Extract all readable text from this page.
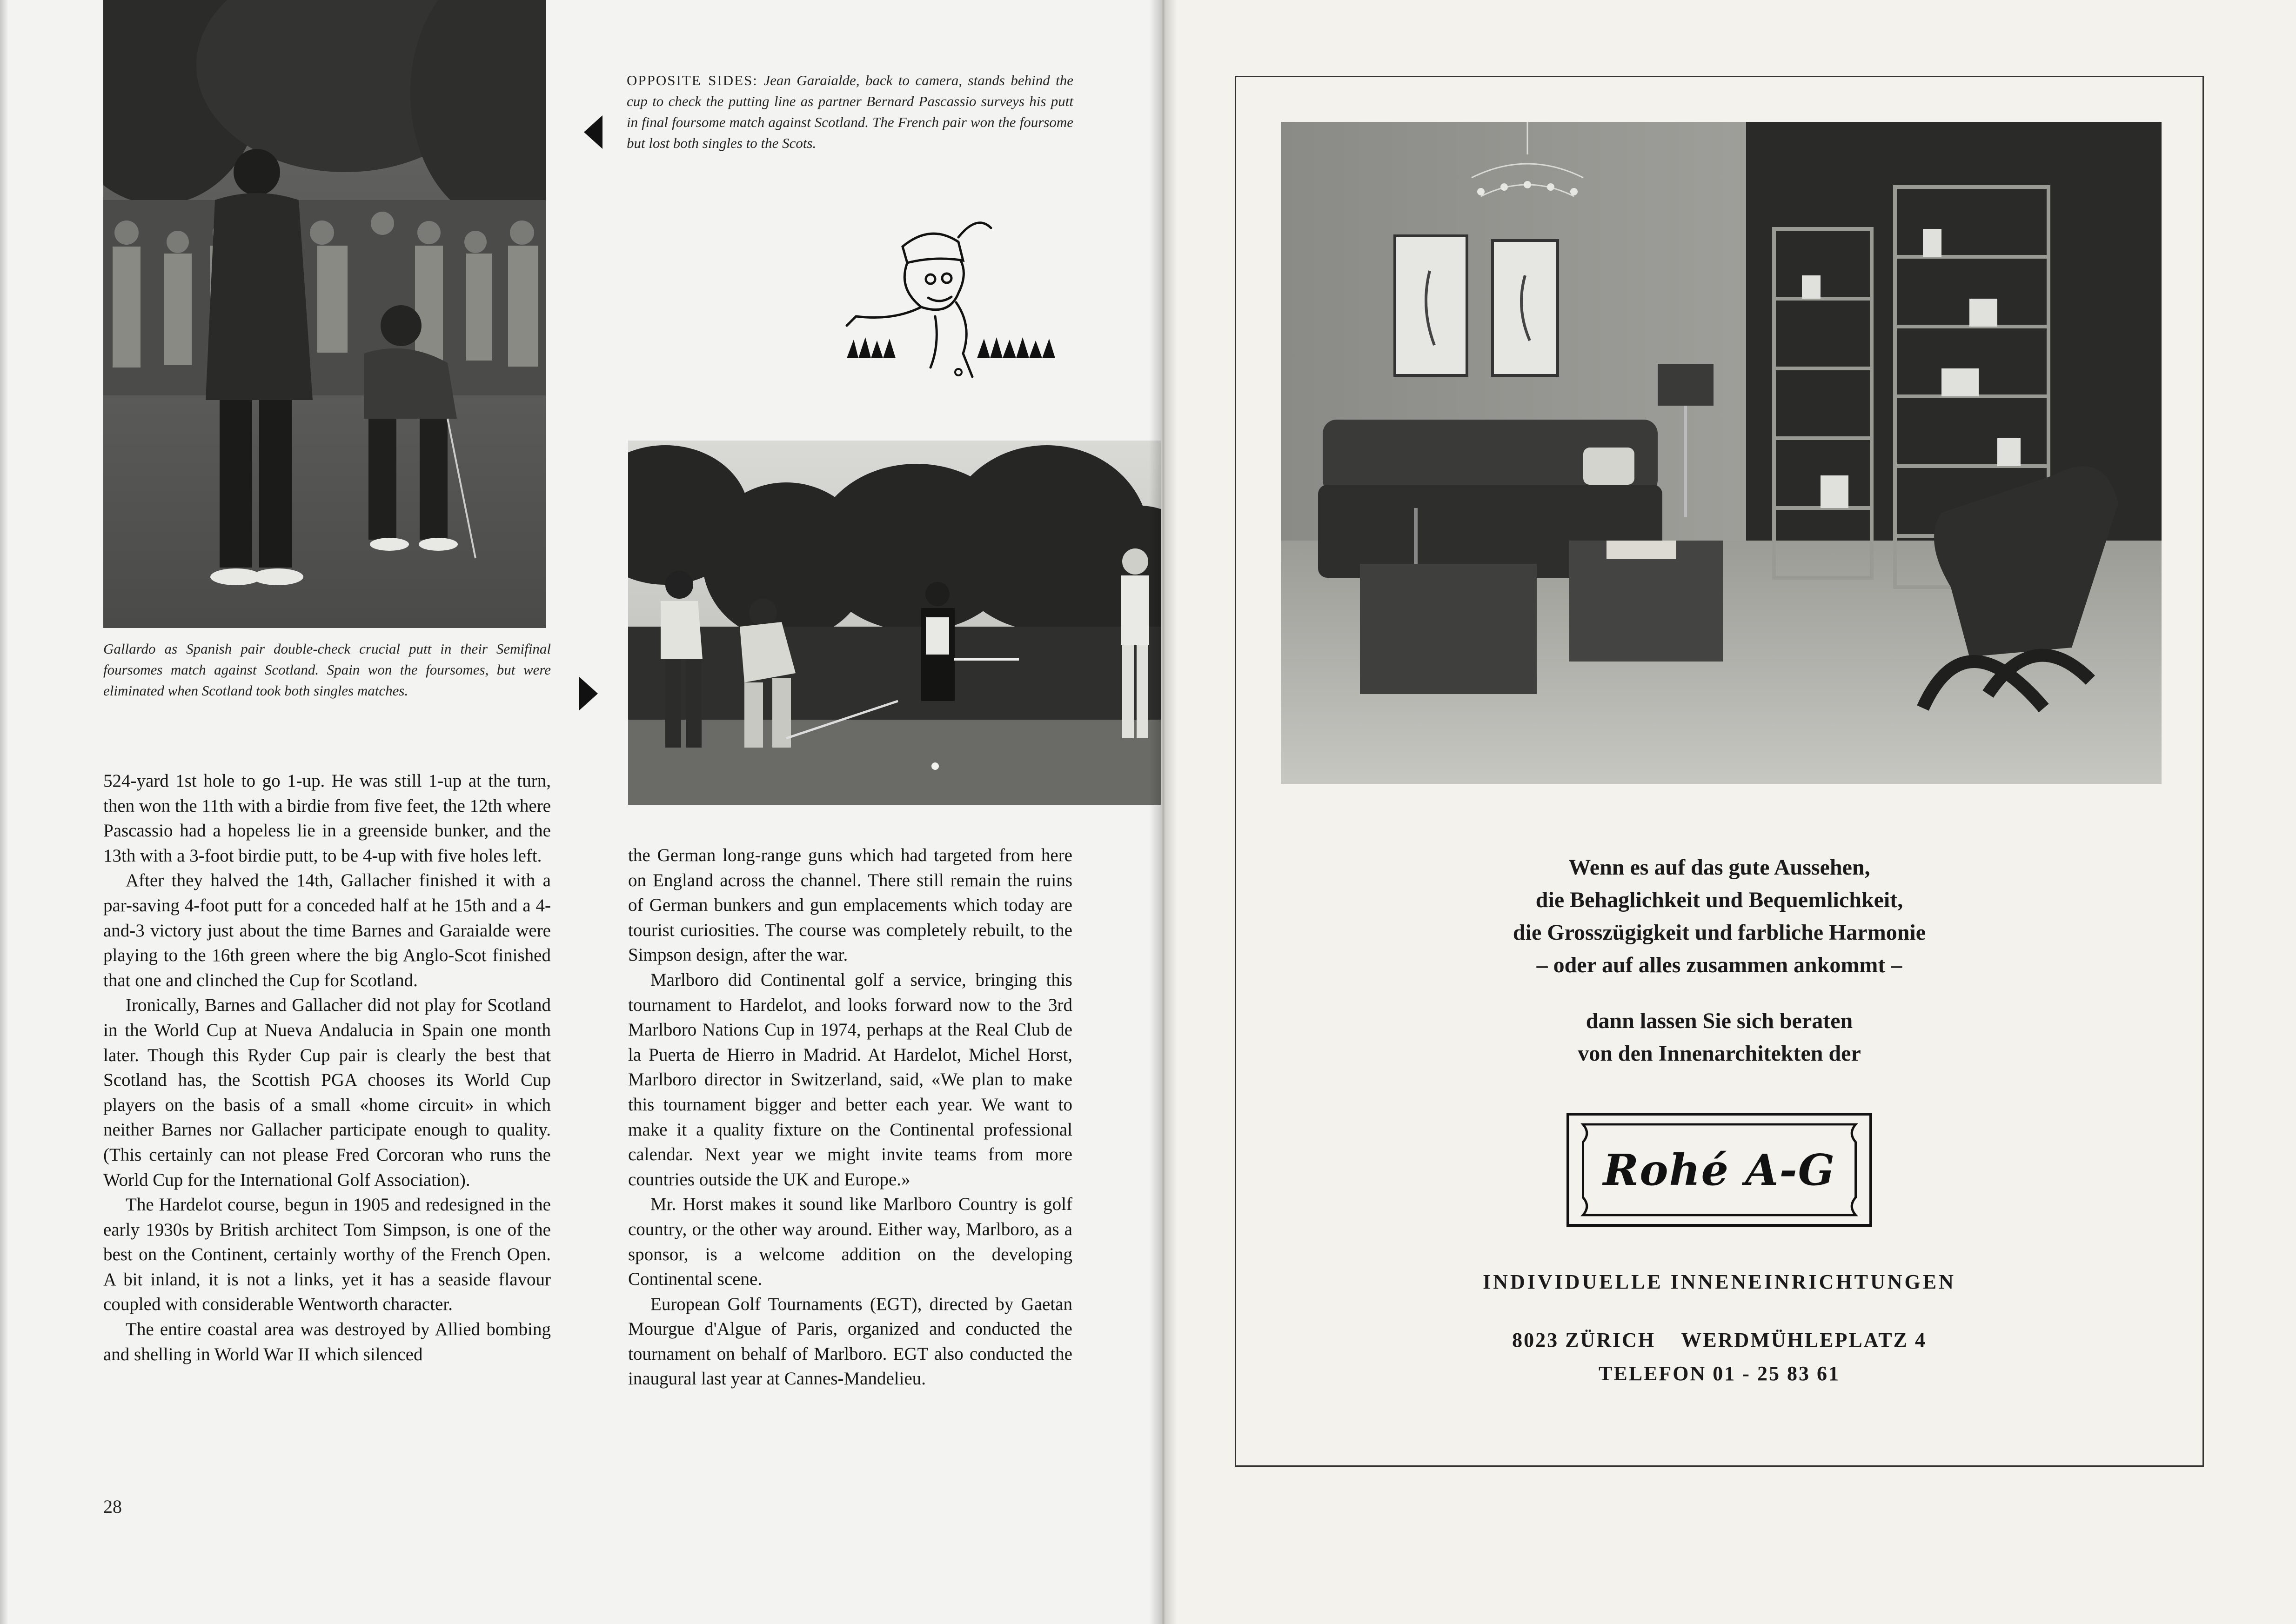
Gallardo as Spanish pair double-check crucial putt in their Semifinal foursomes match against Scotland. Spain won the foursomes, but were eliminated when Scotland took both singles matches.
OPPOSITE SIDES: Jean Garaialde, back to camera, stands behind the cup to check the putting line as partner Bernard Pascassio surveys his putt in final foursome match against Scotland. The French pair won the foursome but lost both singles to the Scots.

524-yard 1st hole to go 1-up. He was still 1-up at the turn, then won the 11th with a birdie from five feet, the 12th where Pascassio had a hopeless lie in a greenside bunker, and the 13th with a 3-foot birdie putt, to be 4-up with five holes left.

After they halved the 14th, Gallacher finished it with a par-saving 4-foot putt for a conceded half at he 15th and a 4-and-3 victory just about the time Barnes and Garaialde were playing to the 16th green where the big Anglo-Scot finished that one and clinched the Cup for Scotland.

Ironically, Barnes and Gallacher did not play for Scotland in the World Cup at Nueva Andalucia in Spain one month later. Though this Ryder Cup pair is clearly the best that Scotland has, the Scottish PGA chooses its World Cup players on the basis of a small «home circuit» in which neither Barnes nor Gallacher participate enough to quality. (This certainly can not please Fred Corcoran who runs the World Cup for the International Golf Association).

The Hardelot course, begun in 1905 and redesigned in the early 1930s by British architect Tom Simpson, is one of the best on the Continent, certainly worthy of the French Open. A bit inland, it is not a links, yet it has a seaside flavour coupled with considerable Wentworth character.

The entire coastal area was destroyed by Allied bombing and shelling in World War II which silenced

the German long-range guns which had targeted from here on England across the channel. There still remain the ruins of German bunkers and gun emplacements which today are tourist curiosities. The course was completely rebuilt, to the Simpson design, after the war.

Marlboro did Continental golf a service, bringing this tournament to Hardelot, and looks forward now to the 3rd Marlboro Nations Cup in 1974, perhaps at the Real Club de la Puerta de Hierro in Madrid. At Hardelot, Michel Horst, Marlboro director in Switzerland, said, «We plan to make this tournament bigger and better each year. We want to make it a quality fixture on the Continental professional calendar. Next year we might invite teams from more countries outside the UK and Europe.»

Mr. Horst makes it sound like Marlboro Country is golf country, or the other way around. Either way, Marlboro, as a sponsor, is a welcome addition on the developing Continental scene.

European Golf Tournaments (EGT), directed by Gaetan Mourgue d'Algue of Paris, organized and conducted the tournament on behalf of Marlboro. EGT also conducted the inaugural last year at Cannes-Mandelieu.

28
Wenn es auf das gute Aussehen,
die Behaglichkeit und Bequemlichkeit,
die Grosszügigkeit und farbliche Harmonie
– oder auf alles zusammen ankommt –
dann lassen Sie sich beraten
von den Innenarchitekten der
Rohé A-G
INDIVIDUELLE INNENEINRICHTUNGEN
8023 ZÜRICH    WERDMÜHLEPLATZ 4
TELEFON 01 - 25 83 61
